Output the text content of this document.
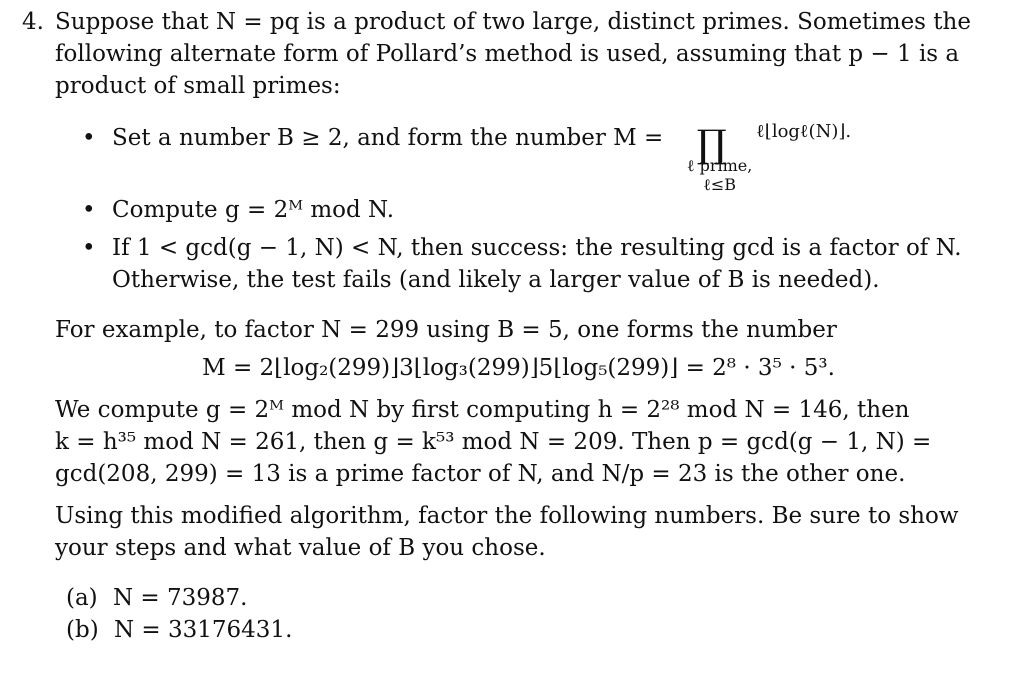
4. Suppose that N = pq is a product of two large, distinct primes. Sometimes the
following alternate form of Pollard’s method is used, assuming that p − 1 is a
product of small primes:
• Set a number B ≥ 2, and form the number M = ∏
ℓ prime,
ℓ≤B
$^{\ell⌊log\ell(N)⌋.}$
• Compute g = 2ᴹ mod N.
• If 1 < gcd(g − 1, N) < N, then success: the resulting gcd is a factor of N.
Otherwise, the test fails (and likely a larger value of B is needed).
For example, to factor N = 299 using B = 5, one forms the number
M = 2⌊log₂(299)⌋3⌊log₃(299)⌋5⌊log₅(299)⌋ = 2⁸ · 3⁵ · 5³.
We compute g = 2ᴹ mod N by first computing h = 2²⁸ mod N = 146, then
k = h³⁵ mod N = 261, then g = k⁵³ mod N = 209. Then p = gcd(g − 1, N) =
gcd(208, 299) = 13 is a prime factor of N, and N/p = 23 is the other one.
Using this modified algorithm, factor the following numbers. Be sure to show
your steps and what value of B you chose.
(a) N = 73987.
(b) N = 33176431.
